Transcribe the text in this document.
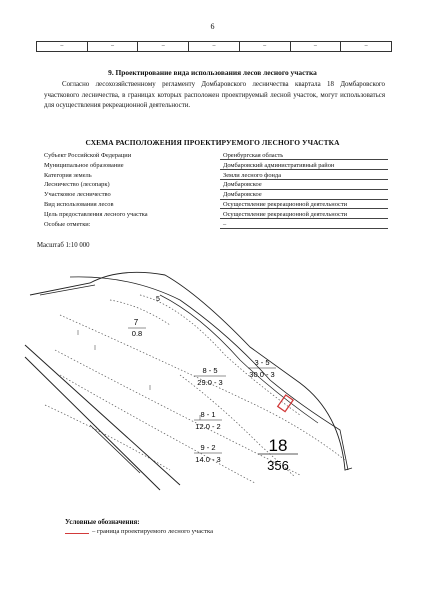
6
–	–	–	–	–	–	–
9. Проектирование вида использования лесов лесного участка
Согласно лесохозяйственному регламенту Домбаровского лесничества квартала 18 Домбаровского участкового лесничества, в границах которых расположен проектируемый лесной участок, могут использоваться для осуществления рекреационной деятельности.
СХЕМА РАСПОЛОЖЕНИЯ ПРОЕКТИРУЕМОГО ЛЕСНОГО УЧАСТКА
Субъект Российской Федерации	Оренбургская область
Муниципальное образование	Домбаровский административный район
Категория земель	Земли лесного фонда
Лесничество (лесопарк)	Домбаровское
Участковое лесничество	Домбаровское
Вид использования лесов	Осуществление рекреационной деятельности
Цель предоставления лесного участка	Осуществление рекреационной деятельности
Особые отметки:	–
Масштаб 1:10 000
5
7
0.8
3 - 5
30.0 - 3
8 - 5
29.0 - 3
8 - 1
12.0 - 2
9 - 2
14.0 - 3
18
356
Условные обозначения:
– граница проектируемого лесного участка
